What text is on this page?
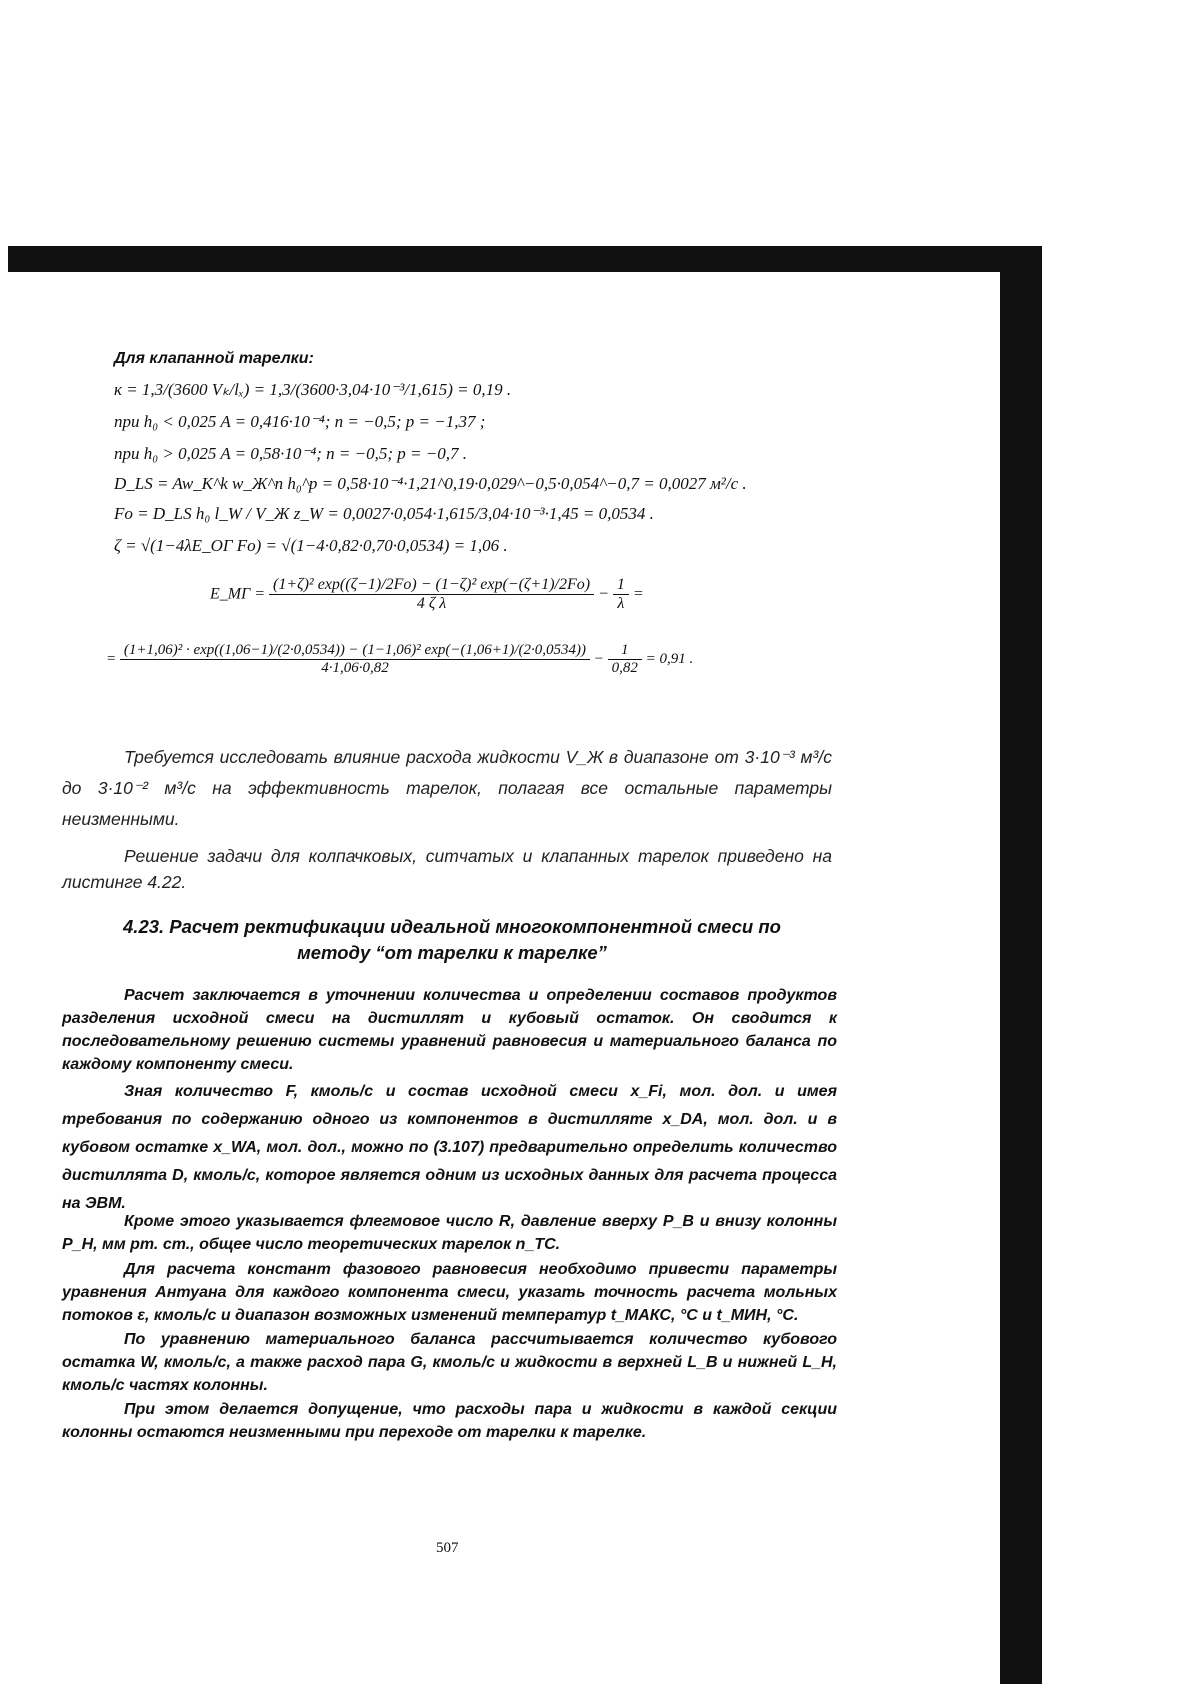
Для клапанной тарелки:
к = 1,3/(3600 Vₖ/lₓ) = 1,3/(3600·3,04·10⁻³/1,615) = 0,19 .
при h₀ < 0,025 A = 0,416·10⁻⁴; n = −0,5; p = −1,37 ;
при h₀ > 0,025 A = 0,58·10⁻⁴; n = −0,5; p = −0,7 .
D_LS = Aw_K^k w_Ж^n h₀^p = 0,58·10⁻⁴·1,21^0,19·0,029^−0,5·0,054^−0,7 = 0,0027 м²/с .
Fo = D_LS h₀ l_W / V_Ж z_W = 0,0027·0,054·1,615/3,04·10⁻³·1,45 = 0,0534 .
ζ = √(1−4λE_ОГ Fo) = √(1−4·0,82·0,70·0,0534) = 1,06 .
E_МГ = $\frac{\text{(1+ζ)² exp((ζ−1)/2Fo) − (1−ζ)² exp(−(ζ+1)/2Fo)}}{\text{4 ζ λ}} - \frac{1}{\lambda}$ =
=
(1+1,06)² · exp((1,06−1)/(2·0,0534)) − (1−1,06)² exp(−(1,06+1)/(2·0,0534))
4·1,06·0,82
− $\frac{1}{0,82} = 0,91$ .
Требуется исследовать влияние расхода жидкости V_Ж в диапазоне от 3·10⁻³ м³/с до 3·10⁻² м³/с на эффективность тарелок, полагая все остальные параметры неизменными.
Решение задачи для колпачковых, ситчатых и клапанных тарелок приведено на листинге 4.22.
4.23. Расчет ректификации идеальной многокомпонентной смеси по
методу “от тарелки к тарелке”
Расчет заключается в уточнении количества и определении составов продуктов разделения исходной смеси на дистиллят и кубовый остаток. Он сводится к последовательному решению системы уравнений равновесия и материального баланса по каждому компоненту смеси.
Зная количество F, кмоль/с и состав исходной смеси x_Fi, мол. дол. и имея требования по содержанию одного из компонентов в дистилляте x_DA, мол. дол. и в кубовом остатке x_WA, мол. дол., можно по (3.107) предварительно определить количество дистиллята D, кмоль/с, которое является одним из исходных данных для расчета процесса на ЭВМ.
Кроме этого указывается флегмовое число R, давление вверху P_В и внизу колонны P_Н, мм рт. ст., общее число теоретических тарелок n_ТС.
Для расчета констант фазового равновесия необходимо привести параметры уравнения Антуана для каждого компонента смеси, указать точность расчета мольных потоков ε, кмоль/с и диапазон возможных изменений температур t_МАКС, °С и t_МИН, °С.
По уравнению материального баланса рассчитывается количество кубового остатка W, кмоль/с, а также расход пара G, кмоль/с и жидкости в верхней L_В и нижней L_Н, кмоль/с частях колонны.
При этом делается допущение, что расходы пара и жидкости в каждой секции колонны остаются неизменными при переходе от тарелки к тарелке.
507
